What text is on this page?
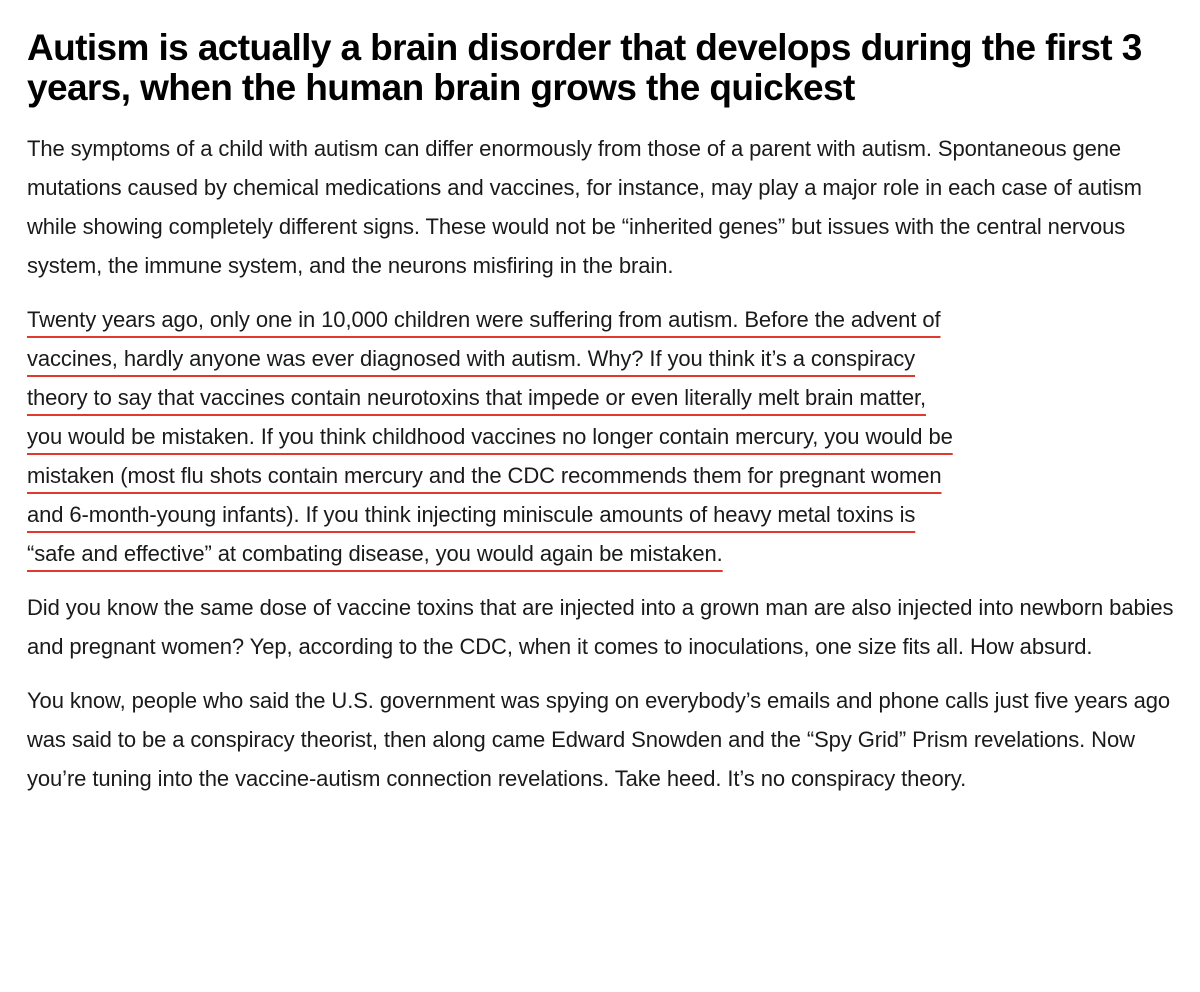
Autism is actually a brain disorder that develops during the first 3 years, when the human brain grows the quickest

The symptoms of a child with autism can differ enormously from those of a parent with autism. Spontaneous gene mutations caused by chemical medications and vaccines, for instance, may play a major role in each case of autism while showing completely different signs. These would not be “inherited genes” but issues with the central nervous system, the immune system, and the neurons misfiring in the brain.

Twenty years ago, only one in 10,000 children were suffering from autism. Before the advent of
vaccines, hardly anyone was ever diagnosed with autism. Why? If you think it’s a conspiracy
theory to say that vaccines contain neurotoxins that impede or even literally melt brain matter,
you would be mistaken. If you think childhood vaccines no longer contain mercury, you would be
mistaken (most flu shots contain mercury and the CDC recommends them for pregnant women
and 6-month-young infants). If you think injecting miniscule amounts of heavy metal toxins is
“safe and effective” at combating disease, you would again be mistaken.

Did you know the same dose of vaccine toxins that are injected into a grown man are also injected into newborn babies and pregnant women? Yep, according to the CDC, when it comes to inoculations, one size fits all. How absurd.

You know, people who said the U.S. government was spying on everybody’s emails and phone calls just five years ago was said to be a conspiracy theorist, then along came Edward Snowden and the “Spy Grid” Prism revelations. Now you’re tuning into the vaccine-autism connection revelations. Take heed. It’s no conspiracy theory.
